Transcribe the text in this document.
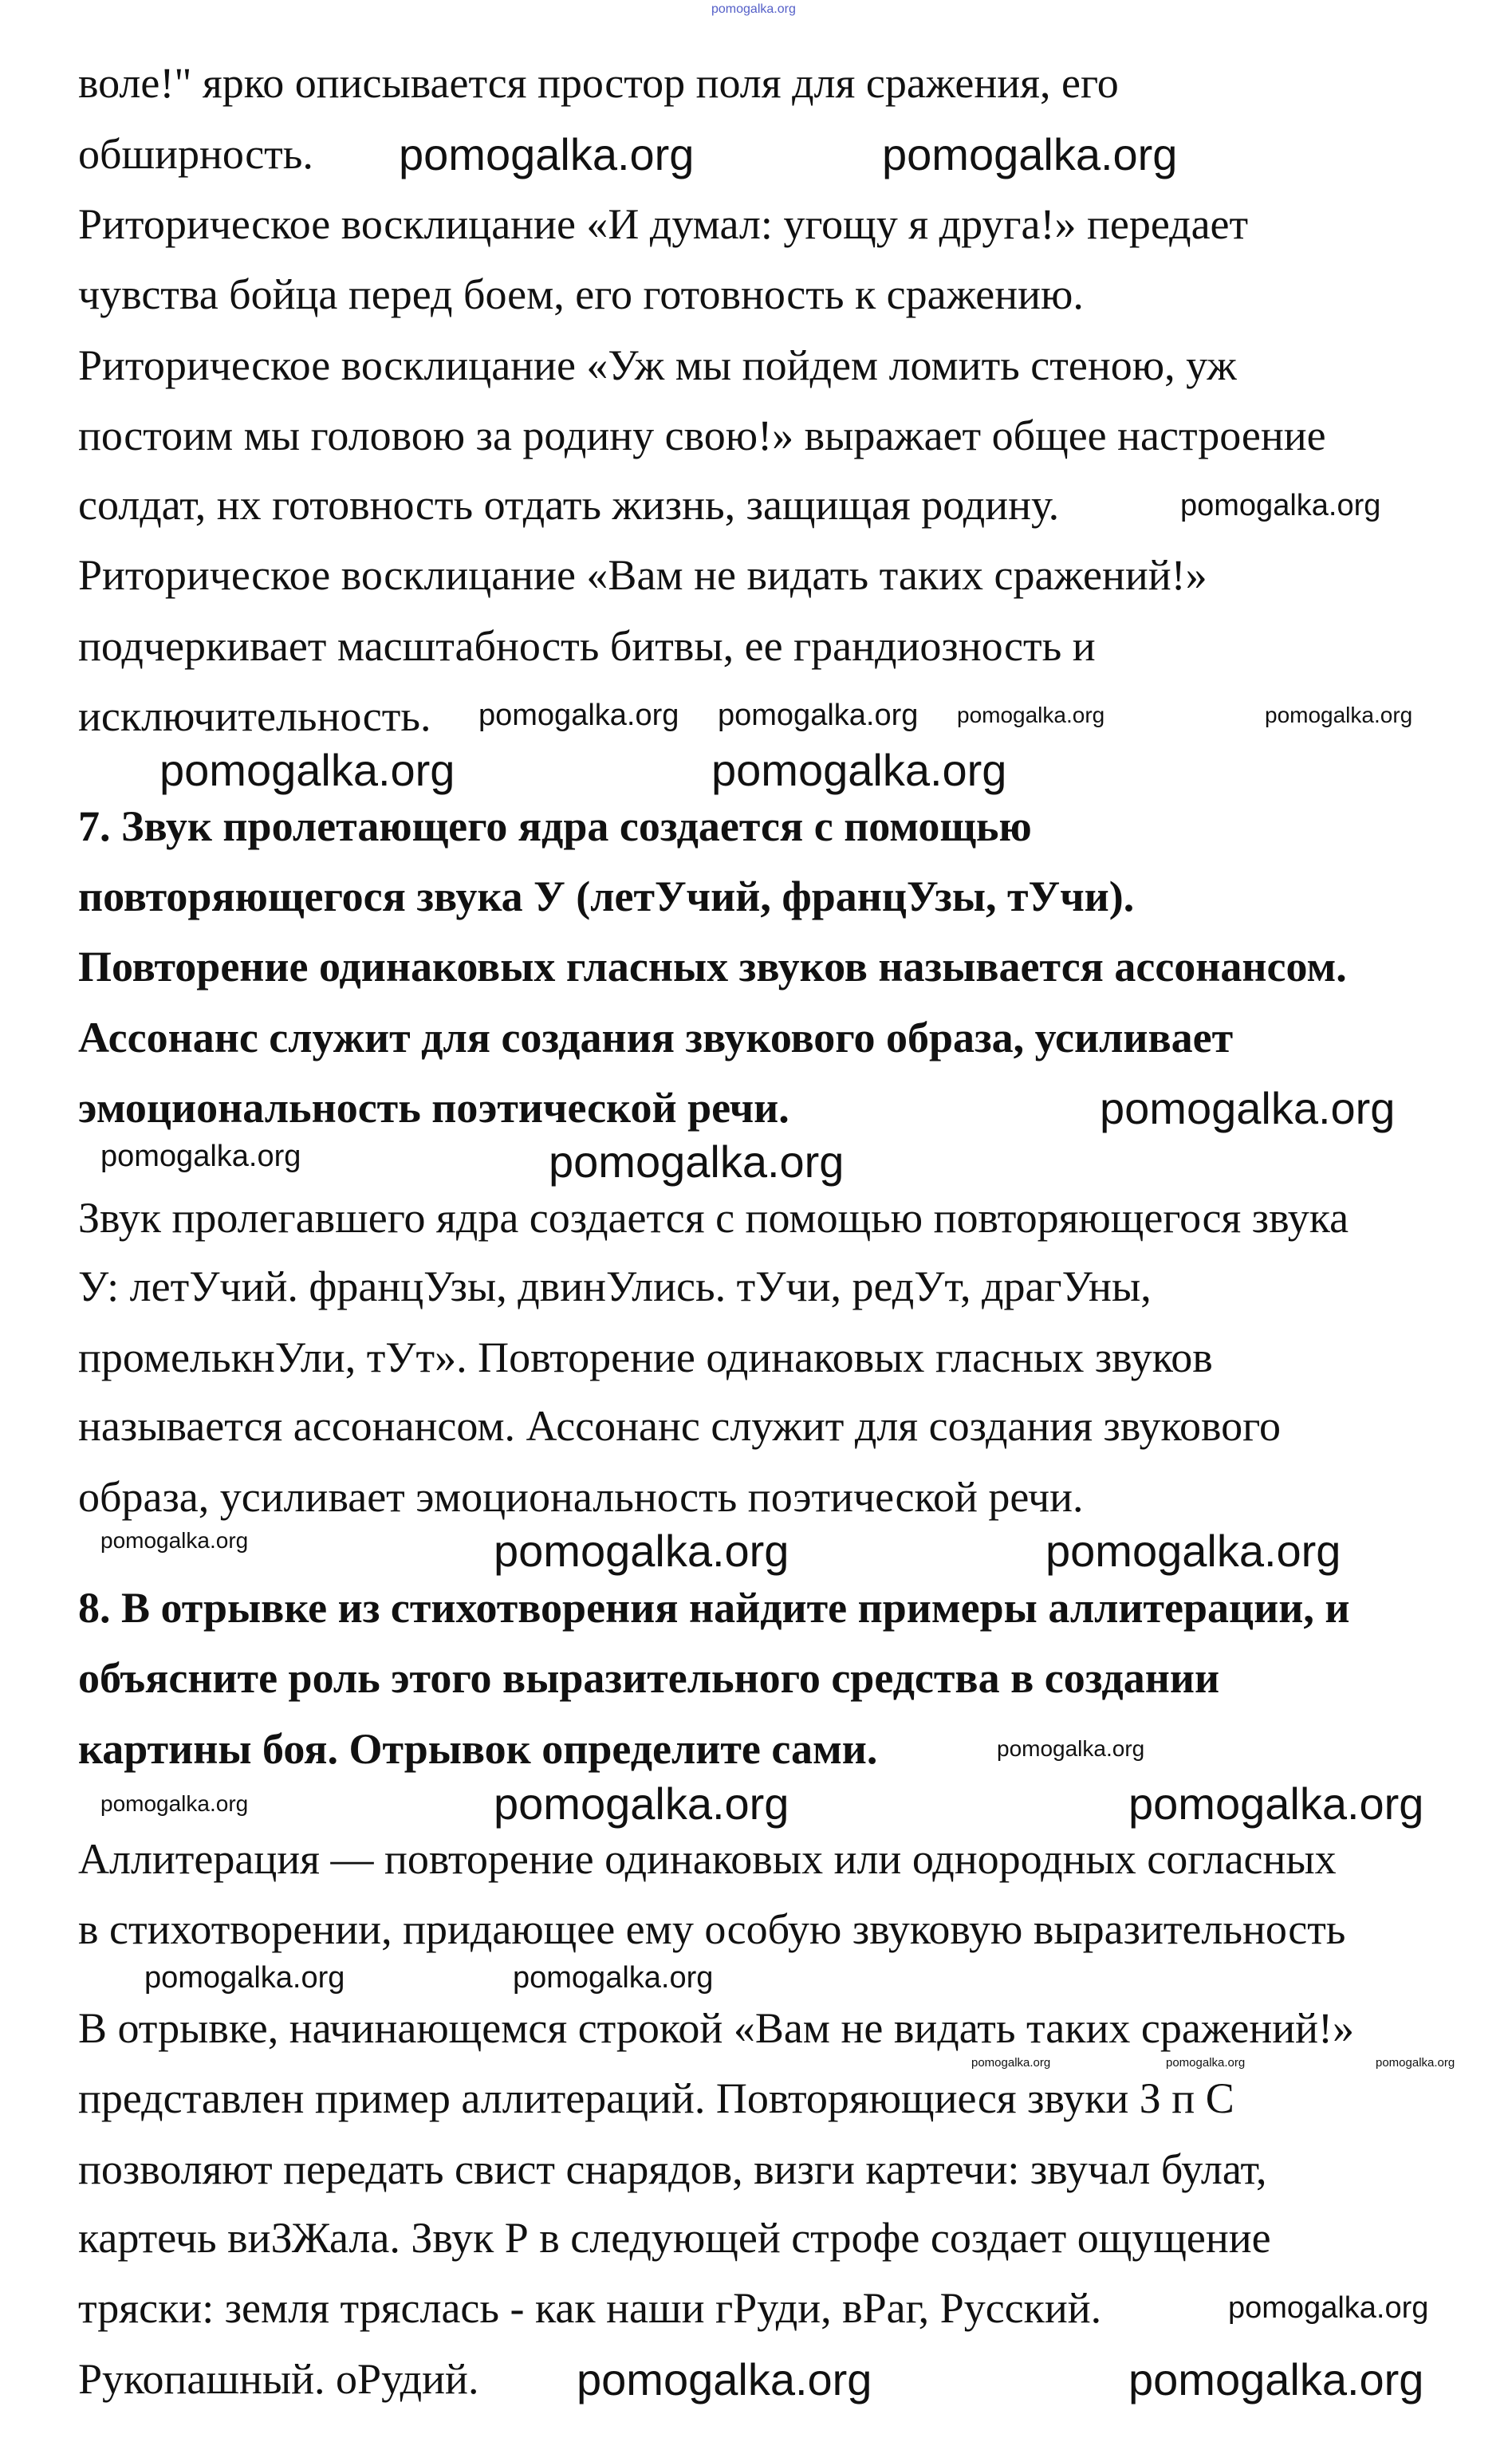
воле!" ярко описывается простор поля для сражения, его
обширность.
Риторическое восклицание «И думал: угощу я друга!» передает
чувства бойца перед боем, его готовность к сражению.
Риторическое восклицание «Уж мы пойдем ломить стеною, уж
постоим мы головою за родину свою!» выражает общее настроение
солдат, нх готовность отдать жизнь, защищая родину.
Риторическое восклицание «Вам не видать таких сражений!»
подчеркивает масштабность битвы, ее грандиозность и
исключительность.
7. Звук пролетающего ядра создается с помощью
повторяющегося звука У (летУчий, францУзы, тУчи).
Повторение одинаковых гласных звуков называется ассонансом.
Ассонанс служит для создания звукового образа, усиливает
эмоциональность поэтической речи.
Звук пролегавшего ядра создается с помощью повторяющегося звука
У: летУчий. францУзы, двинУлись. тУчи, редУт, драгУны,
промелькнУли, тУт». Повторение одинаковых гласных звуков
называется ассонансом. Ассонанс служит для создания звукового
образа, усиливает эмоциональность поэтической речи.
8. В отрывке из стихотворения найдите примеры аллитерации, и
объясните роль этого выразительного средства в создании
картины боя. Отрывок определите сами.
Аллитерация — повторение одинаковых или однородных согласных
в стихотворении, придающее ему особую звуковую выразительность
В отрывке, начинающемся строкой «Вам не видать таких сражений!»
представлен пример аллитераций. Повторяющиеся звуки З п С
позволяют передать свист снарядов, визги картечи: звучал булат,
картечь виЗЖала. Звук Р в следующей строфе создает ощущение
тряски: земля тряслась - как наши гРуди, вРаг, Русский.
Рукопашный. оРудий.
pomogalka.org
pomogalka.org	pomogalka.org
pomogalka.org
pomogalka.org pomogalka.org pomogalka.org	pomogalka.org
pomogalka.org	pomogalka.org
pomogalka.org
pomogalka.org	pomogalka.org
pomogalka.org	pomogalka.org	pomogalka.org
pomogalka.org
pomogalka.org
pomogalka.org	pomogalka.org
pomogalka.org	pomogalka.org
pomogalka.org	pomogalka.org	pomogalka.org
pomogalka.org
pomogalka.org	pomogalka.org
